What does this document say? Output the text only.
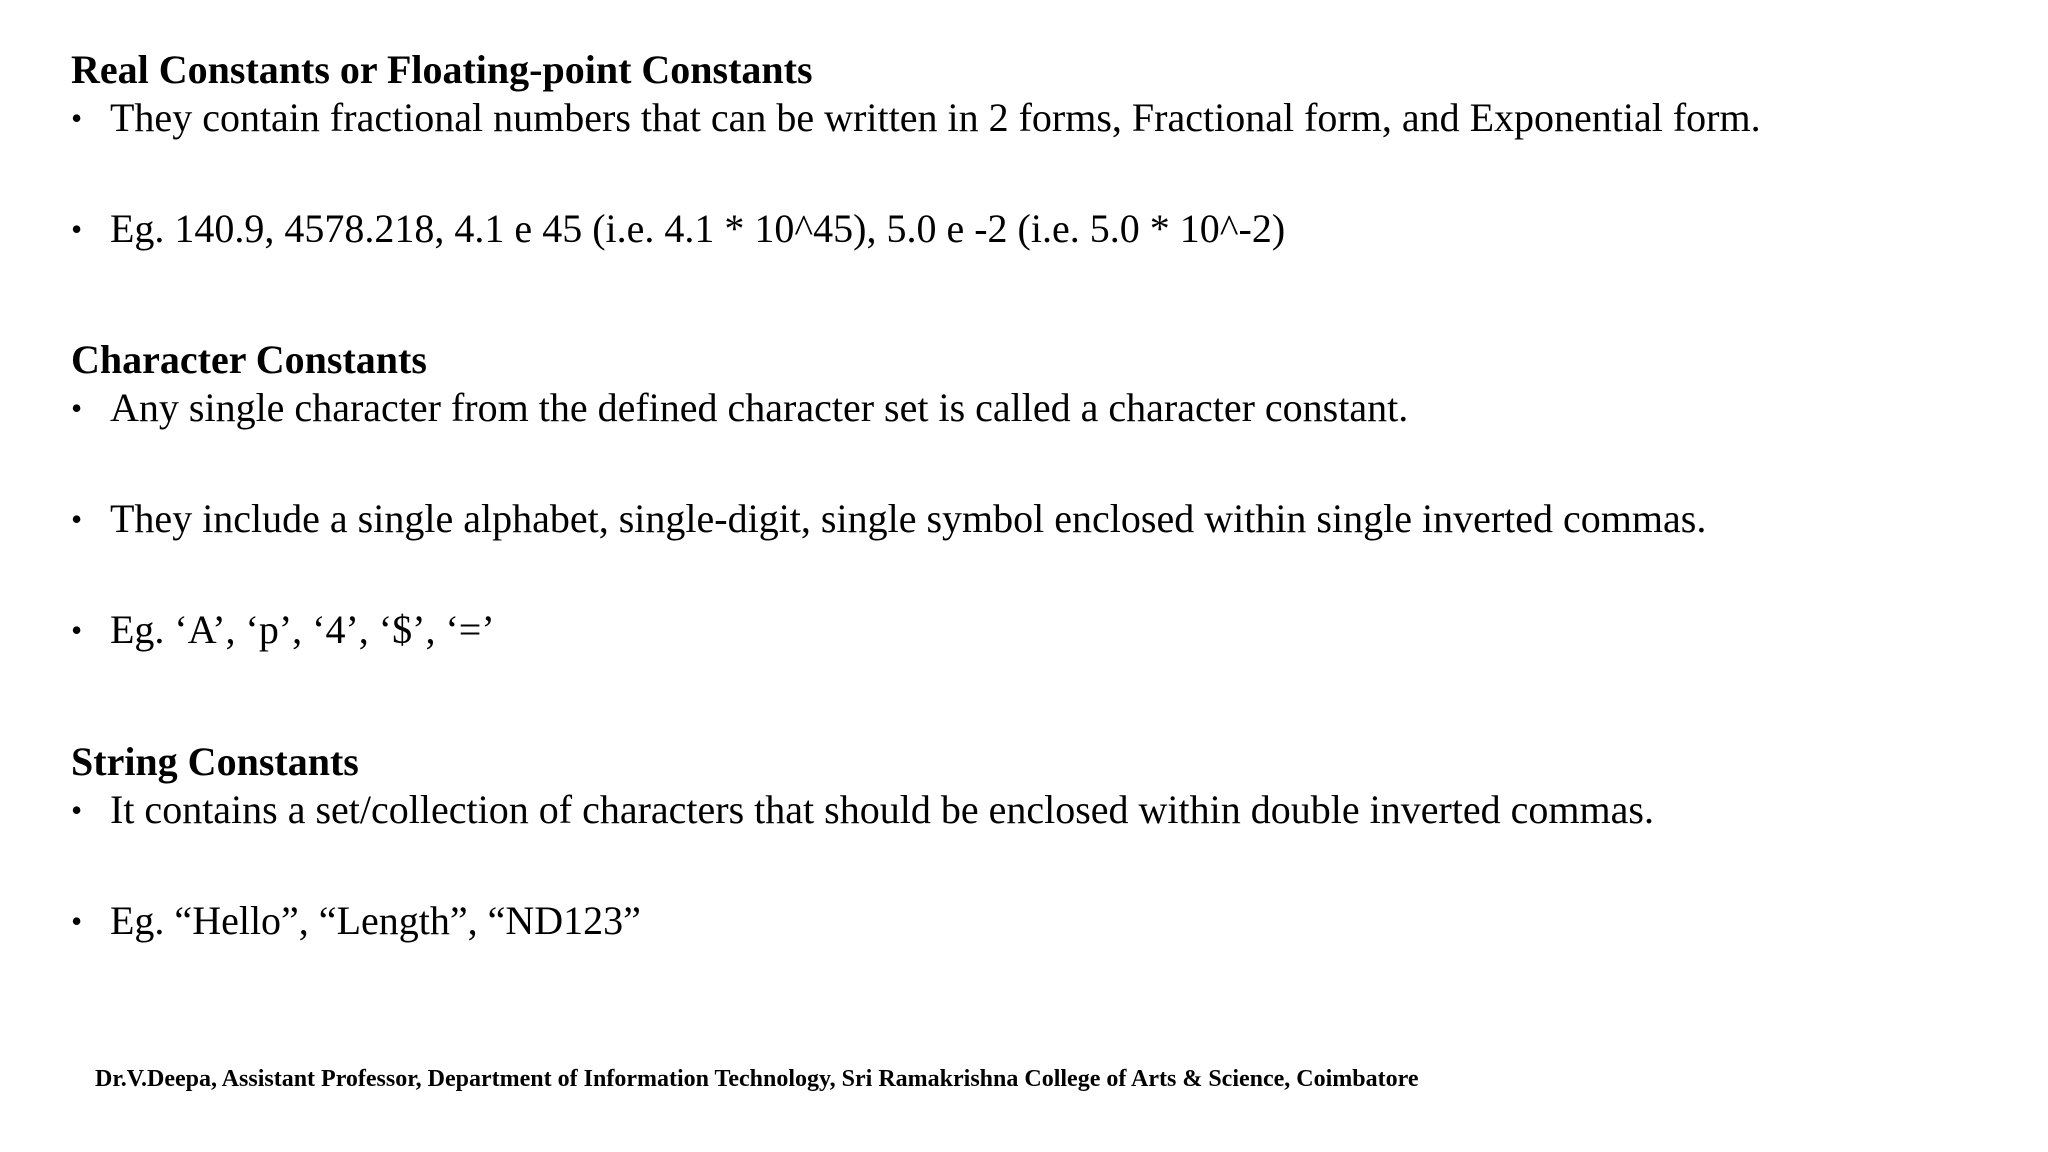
Real Constants or Floating-point Constants
• They contain fractional numbers that can be written in 2 forms, Fractional form, and Exponential form.
• Eg. 140.9, 4578.218, 4.1 e 45 (i.e. 4.1 * 10^45), 5.0 e -2 (i.e. 5.0 * 10^-2)
Character Constants
• Any single character from the defined character set is called a character constant.
• They include a single alphabet, single-digit, single symbol enclosed within single inverted commas.
• Eg. ‘A’, ‘p’, ‘4’, ‘$’, ‘=’
String Constants
• It contains a set/collection of characters that should be enclosed within double inverted commas.
• Eg. “Hello”, “Length”, “ND123”
Dr.V.Deepa, Assistant Professor, Department of Information Technology, Sri Ramakrishna College of Arts & Science, Coimbatore
